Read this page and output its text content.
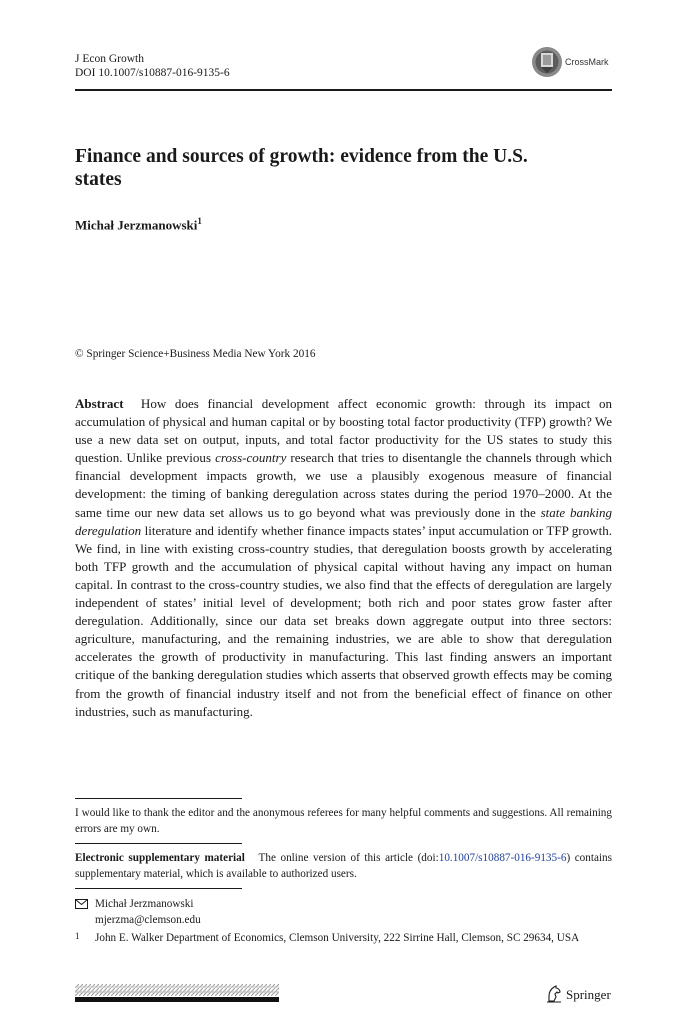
J Econ Growth
DOI 10.1007/s10887-016-9135-6
CrossMark
Finance and sources of growth: evidence from the U.S. states
Michał Jerzmanowski$^1$
© Springer Science+Business Media New York 2016

Abstract How does financial development affect economic growth: through its impact on accumulation of physical and human capital or by boosting total factor productivity (TFP) growth? We use a new data set on output, inputs, and total factor productivity for the US states to study this question. Unlike previous cross-country research that tries to disentangle the channels through which financial development impacts growth, we use a plausibly exogenous measure of financial development: the timing of banking deregulation across states during the period 1970–2000. At the same time our new data set allows us to go beyond what was previously done in the state banking deregulation literature and identify whether finance impacts states’ input accumulation or TFP growth. We find, in line with existing cross-country studies, that deregulation boosts growth by accelerating both TFP growth and the accumulation of physical capital without having any impact on human capital. In contrast to the cross-country studies, we also find that the effects of deregulation are largely independent of states’ initial level of development; both rich and poor states grow faster after deregulation. Additionally, since our data set breaks down aggregate output into three sectors: agriculture, manufacturing, and the remaining industries, we are able to show that deregulation accelerates the growth of productivity in manufacturing. This last finding answers an important critique of the banking deregulation studies which asserts that observed growth effects may be coming from the growth of financial industry itself and not from the beneficial effect of finance on other industries, such as manufacturing.

I would like to thank the editor and the anonymous referees for many helpful comments and suggestions. All remaining errors are my own.

Electronic supplementary material The online version of this article (doi:10.1007/s10887-016-9135-6) contains supplementary material, which is available to authorized users.

Michał Jerzmanowski
mjerzma@clemson.edu
1 John E. Walker Department of Economics, Clemson University, 222 Sirrine Hall, Clemson, SC 29634, USA
Springer
